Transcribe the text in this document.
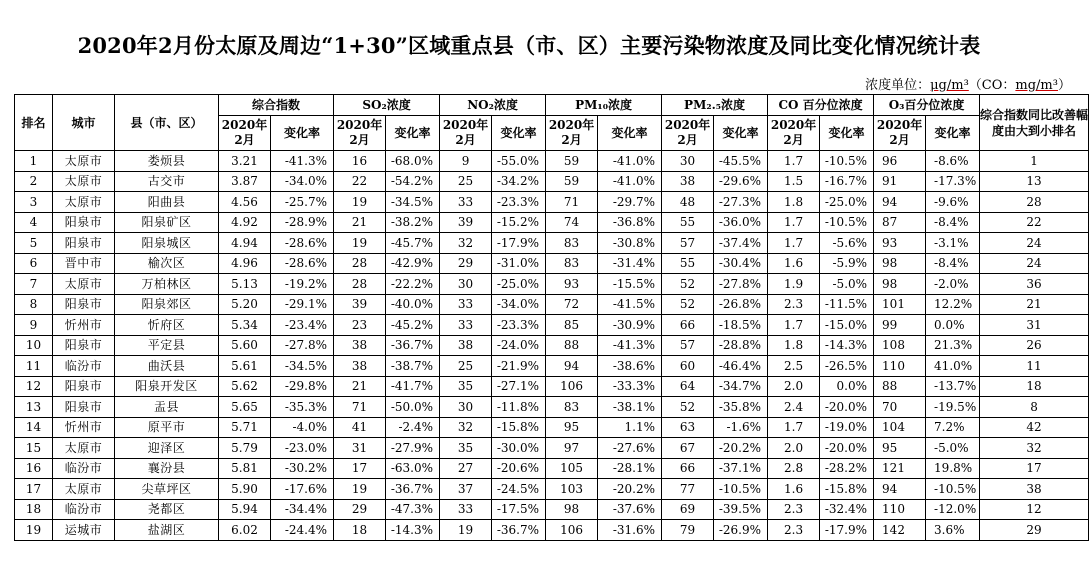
2020年2月份太原及周边“1+30”区域重点县（市、区）主要污染物浓度及同比变化情况统计表
浓度单位：μg/m³（CO：mg/m³）
排名	城市	县（市、区）	综合指数		SO₂浓度		NO₂浓度		PM₁₀浓度		PM₂.₅浓度		CO 百分位浓度		O₃百分位浓度		综合指数同比改善幅度由大到小排名
			2020年2月	变化率	2020年2月	变化率	2020年2月	变化率	2020年2月	变化率	2020年2月	变化率	2020年2月	变化率	2020年2月	变化率	
1	太原市	娄烦县	3.21	-41.3%	16	-68.0%	9	-55.0%	59	-41.0%	30	-45.5%	1.7	-10.5%	96	-8.6%	1
2	太原市	古交市	3.87	-34.0%	22	-54.2%	25	-34.2%	59	-41.0%	38	-29.6%	1.5	-16.7%	91	-17.3%	13
3	太原市	阳曲县	4.56	-25.7%	19	-34.5%	33	-23.3%	71	-29.7%	48	-27.3%	1.8	-25.0%	94	-9.6%	28
4	阳泉市	阳泉矿区	4.92	-28.9%	21	-38.2%	39	-15.2%	74	-36.8%	55	-36.0%	1.7	-10.5%	87	-8.4%	22
5	阳泉市	阳泉城区	4.94	-28.6%	19	-45.7%	32	-17.9%	83	-30.8%	57	-37.4%	1.7	-5.6%	93	-3.1%	24
6	晋中市	榆次区	4.96	-28.6%	28	-42.9%	29	-31.0%	83	-31.4%	55	-30.4%	1.6	-5.9%	98	-8.4%	24
7	太原市	万柏林区	5.13	-19.2%	28	-22.2%	30	-25.0%	93	-15.5%	52	-27.8%	1.9	-5.0%	98	-2.0%	36
8	阳泉市	阳泉郊区	5.20	-29.1%	39	-40.0%	33	-34.0%	72	-41.5%	52	-26.8%	2.3	-11.5%	101	12.2%	21
9	忻州市	忻府区	5.34	-23.4%	23	-45.2%	33	-23.3%	85	-30.9%	66	-18.5%	1.7	-15.0%	99	0.0%	31
10	阳泉市	平定县	5.60	-27.8%	38	-36.7%	38	-24.0%	88	-41.3%	57	-28.8%	1.8	-14.3%	108	21.3%	26
11	临汾市	曲沃县	5.61	-34.5%	38	-38.7%	25	-21.9%	94	-38.6%	60	-46.4%	2.5	-26.5%	110	41.0%	11
12	阳泉市	阳泉开发区	5.62	-29.8%	21	-41.7%	35	-27.1%	106	-33.3%	64	-34.7%	2.0	0.0%	88	-13.7%	18
13	阳泉市	盂县	5.65	-35.3%	71	-50.0%	30	-11.8%	83	-38.1%	52	-35.8%	2.4	-20.0%	70	-19.5%	8
14	忻州市	原平市	5.71	-4.0%	41	-2.4%	32	-15.8%	95	1.1%	63	-1.6%	1.7	-19.0%	104	7.2%	42
15	太原市	迎泽区	5.79	-23.0%	31	-27.9%	35	-30.0%	97	-27.6%	67	-20.2%	2.0	-20.0%	95	-5.0%	32
16	临汾市	襄汾县	5.81	-30.2%	17	-63.0%	27	-20.6%	105	-28.1%	66	-37.1%	2.8	-28.2%	121	19.8%	17
17	太原市	尖草坪区	5.90	-17.6%	19	-36.7%	37	-24.5%	103	-20.2%	77	-10.5%	1.6	-15.8%	94	-10.5%	38
18	临汾市	尧都区	5.94	-34.4%	29	-47.3%	33	-17.5%	98	-37.6%	69	-39.5%	2.3	-32.4%	110	-12.0%	12
19	运城市	盐湖区	6.02	-24.4%	18	-14.3%	19	-36.7%	106	-31.6%	79	-26.9%	2.3	-17.9%	142	3.6%	29
